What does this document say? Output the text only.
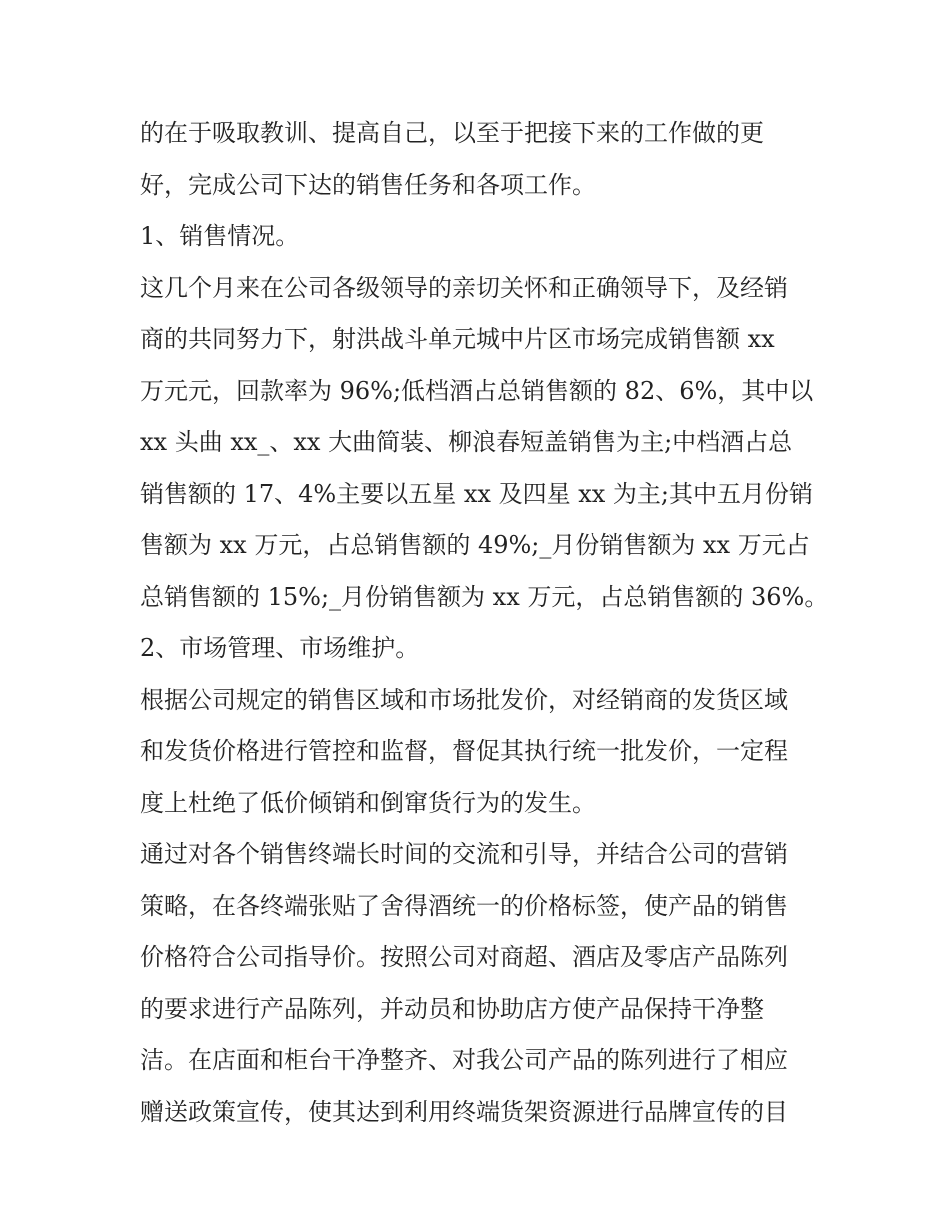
的在于吸取教训、提高自己，以至于把接下来的工作做的更
好，完成公司下达的销售任务和各项工作。
1、销售情况。
这几个月来在公司各级领导的亲切关怀和正确领导下，及经销
商的共同努力下，射洪战斗单元城中片区市场完成销售额 xx
万元元，回款率为 96%;低档酒占总销售额的 82、6%，其中以
xx 头曲 xx_、xx 大曲简装、柳浪春短盖销售为主;中档酒占总
销售额的 17、4%主要以五星 xx 及四星 xx 为主;其中五月份销
售额为 xx 万元，占总销售额的 49%;_月份销售额为 xx 万元占
总销售额的 15%;_月份销售额为 xx 万元，占总销售额的 36%。
2、市场管理、市场维护。
根据公司规定的销售区域和市场批发价，对经销商的发货区域
和发货价格进行管控和监督，督促其执行统一批发价，一定程
度上杜绝了低价倾销和倒窜货行为的发生。
通过对各个销售终端长时间的交流和引导，并结合公司的营销
策略，在各终端张贴了舍得酒统一的价格标签，使产品的销售
价格符合公司指导价。按照公司对商超、酒店及零店产品陈列
的要求进行产品陈列，并动员和协助店方使产品保持干净整
洁。在店面和柜台干净整齐、对我公司产品的陈列进行了相应
赠送政策宣传，使其达到利用终端货架资源进行品牌宣传的目
